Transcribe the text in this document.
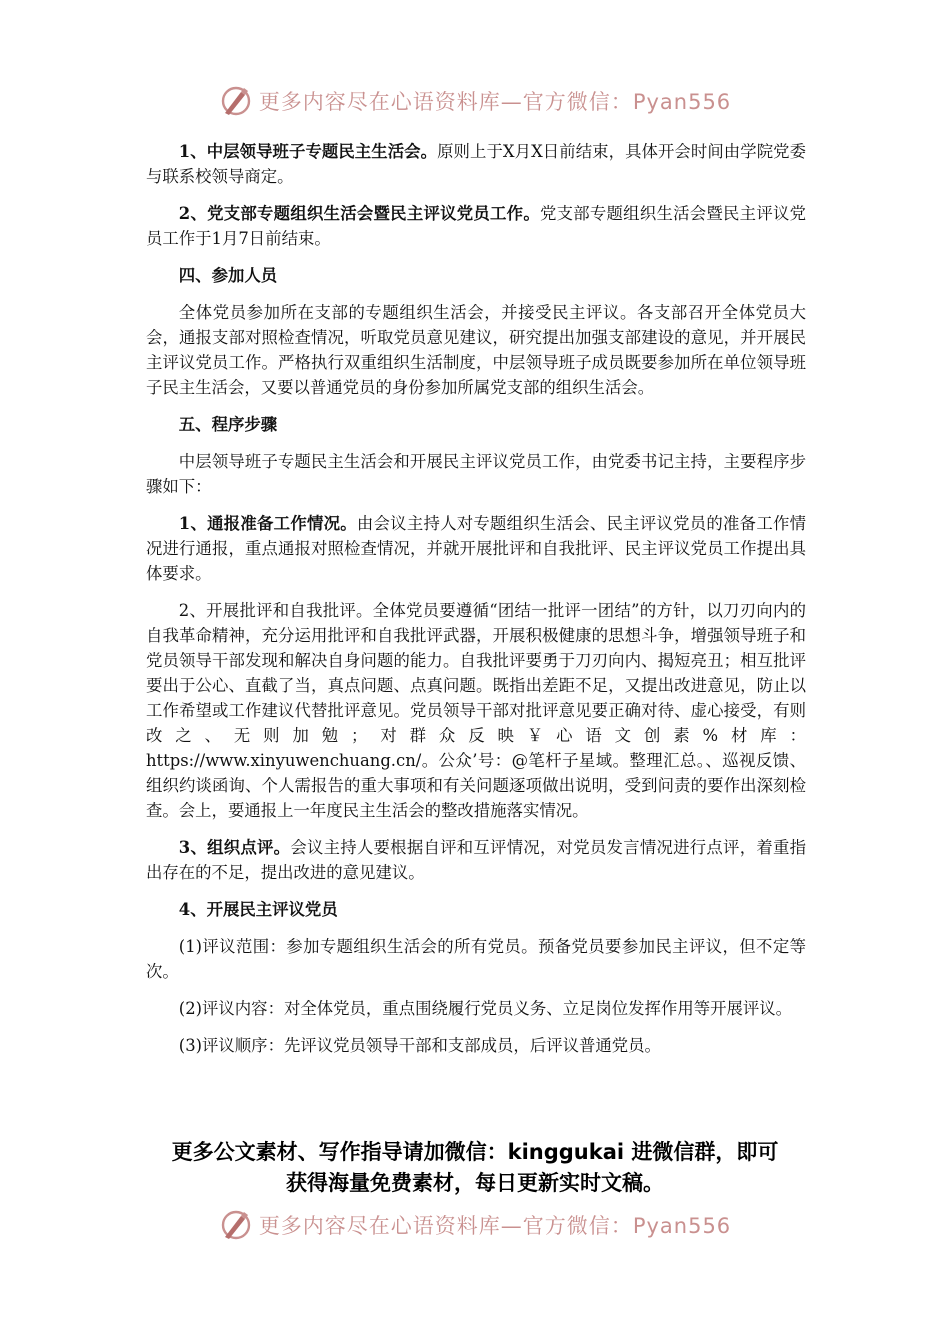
更多内容尽在心语资料库—官方微信：Pyan556

1、中层领导班子专题民主生活会。原则上于X月X日前结束，具体开会时间由学院党委与联系校领导商定。

2、党支部专题组织生活会暨民主评议党员工作。党支部专题组织生活会暨民主评议党员工作于1月7日前结束。

四、参加人员

全体党员参加所在支部的专题组织生活会，并接受民主评议。各支部召开全体党员大会，通报支部对照检查情况，听取党员意见建议，研究提出加强支部建设的意见，并开展民主评议党员工作。严格执行双重组织生活制度，中层领导班子成员既要参加所在单位领导班子民主生活会，又要以普通党员的身份参加所属党支部的组织生活会。

五、程序步骤

中层领导班子专题民主生活会和开展民主评议党员工作，由党委书记主持，主要程序步骤如下：

1、通报准备工作情况。由会议主持人对专题组织生活会、民主评议党员的准备工作情况进行通报，重点通报对照检查情况，并就开展批评和自我批评、民主评议党员工作提出具体要求。

2、开展批评和自我批评。全体党员要遵循“团结一批评一团结”的方针，以刀刃向内的自我革命精神，充分运用批评和自我批评武器，开展积极健康的思想斗争，增强领导班子和党员领导干部发现和解决自身问题的能力。自我批评要勇于刀刃向内、揭短亮丑；相互批评要出于公心、直截了当，真点问题、点真问题。既指出差距不足，又提出改进意见，防止以工作希望或工作建议代替批评意见。党员领导干部对批评意见要正确对待、虚心接受，有则改之、无则加勉；对群众反映￥心语文创素%材库：https://www.xinyuwenchuang.cn/。公众’号：@笔杆子星域。整理汇总。、巡视反馈、组织约谈函询、个人需报告的重大事项和有关问题逐项做出说明，受到问责的要作出深刻检查。会上，要通报上一年度民主生活会的整改措施落实情况。

3、组织点评。会议主持人要根据自评和互评情况，对党员发言情况进行点评，着重指出存在的不足，提出改进的意见建议。

4、开展民主评议党员

(1)评议范围：参加专题组织生活会的所有党员。预备党员要参加民主评议，但不定等次。

(2)评议内容：对全体党员，重点围绕履行党员义务、立足岗位发挥作用等开展评议。

(3)评议顺序：先评议党员领导干部和支部成员，后评议普通党员。

更多公文素材、写作指导请加微信：kinggukai 进微信群，即可
获得海量免费素材，每日更新实时文稿。
更多内容尽在心语资料库—官方微信：Pyan556
